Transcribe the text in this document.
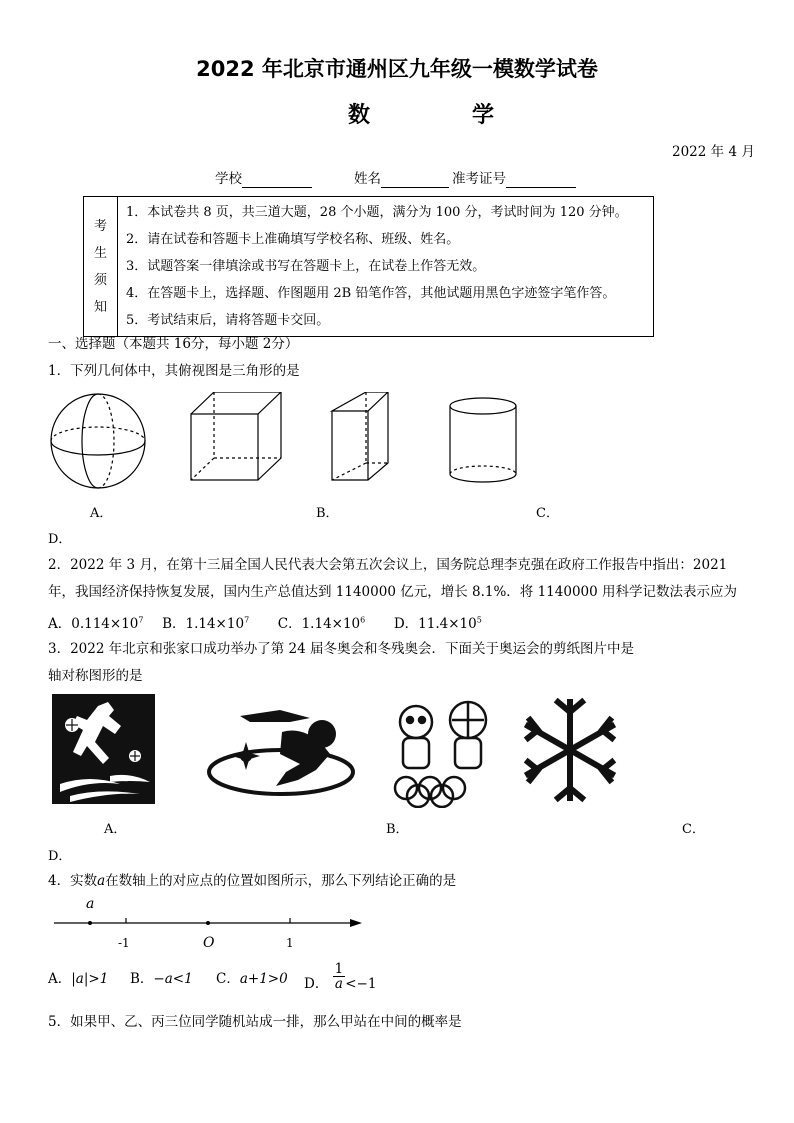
2022 年北京市通州区九年级一模数学试卷
数　学
2022 年 4 月
学校	姓名	准考证号
考
生
须
知

1．本试卷共 8 页，共三道大题，28 个小题，满分为 100 分，考试时间为 120 分钟。
2．请在试卷和答题卡上准确填写学校名称、班级、姓名。
3．试题答案一律填涂或书写在答题卡上，在试卷上作答无效。
4．在答题卡上，选择题、作图题用 2B 铅笔作答，其他试题用黑色字迹签字笔作答。
5．考试结束后，请将答题卡交回。
一、选择题（本题共 16分，每小题 2分）
1．下列几何体中，其俯视图是三角形的是
A．	B．	C．
D．
2．2022 年 3 月，在第十三届全国人民代表大会第五次会议上，国务院总理李克强在政府工作报告中指出：2021
年，我国经济保持恢复发展，国内生产总值达到 1140000 亿元，增长 8.1%．将 1140000 用科学记数法表示应为
A．$0.114\times 10^7$ B．$1.14\times 10^7$ C．$1.14\times 10^6$ D．$11.4\times 10^5$
3．2022 年北京和张家口成功举办了第 24 届冬奥会和冬残奥会．下面关于奥运会的剪纸图片中是
轴对称图形的是
A．	B．	C．
D．
4．实数a在数轴上的对应点的位置如图所示，那么下列结论正确的是
a
-1	O	1
A．|a|>1 B．−a<1 C．a+1>0 D． $\frac{1}{a} <-1$
5．如果甲、乙、丙三位同学随机站成一排，那么甲站在中间的概率是
